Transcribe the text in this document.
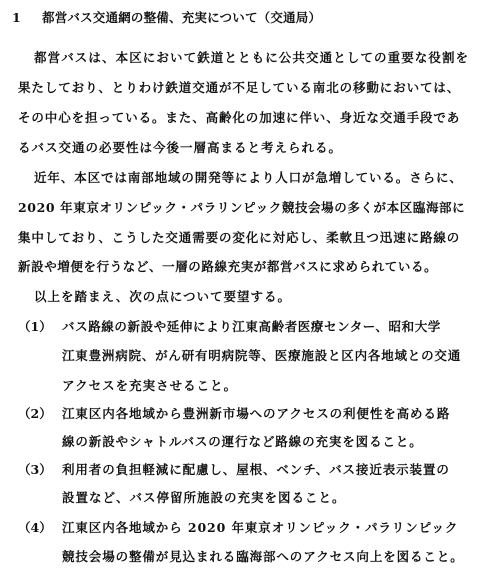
1 都営バス交通網の整備、充実について（交通局）
都営バスは、本区において鉄道とともに公共交通としての重要な役割を
果たしており、とりわけ鉄道交通が不足している南北の移動においては、
その中心を担っている。また、高齢化の加速に伴い、身近な交通手段であ
るバス交通の必要性は今後一層高まると考えられる。
近年、本区では南部地域の開発等により人口が急増している。さらに、
2020 年東京オリンピック・パラリンピック競技会場の多くが本区臨海部に
集中しており、こうした交通需要の変化に対応し、柔軟且つ迅速に路線の
新設や増便を行うなど、一層の路線充実が都営バスに求められている。
以上を踏まえ、次の点について要望する。
（1） バス路線の新設や延伸により江東高齢者医療センター、昭和大学
江東豊洲病院、がん研有明病院等、医療施設と区内各地域との交通
アクセスを充実させること。
（2） 江東区内各地域から豊洲新市場へのアクセスの利便性を高める路
線の新設やシャトルバスの運行など路線の充実を図ること。
（3） 利用者の負担軽減に配慮し、屋根、ベンチ、バス接近表示装置の
設置など、バス停留所施設の充実を図ること。
（4） 江東区内各地域から 2020 年東京オリンピック・パラリンピック
競技会場の整備が見込まれる臨海部へのアクセス向上を図ること。
